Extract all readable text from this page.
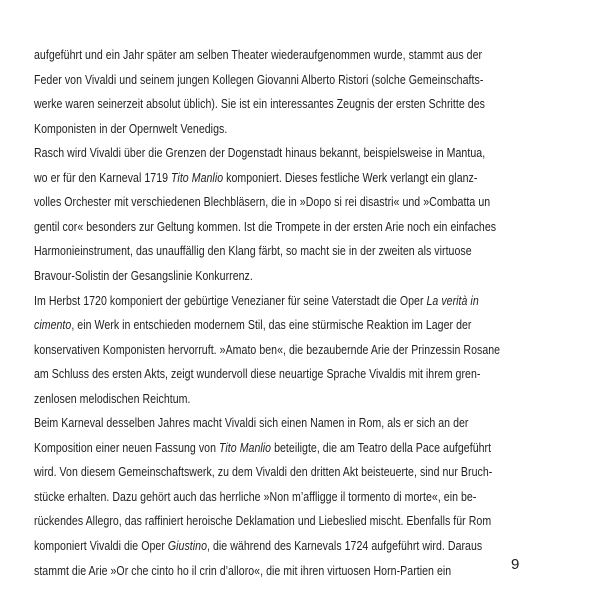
aufgeführt und ein Jahr später am selben Theater wiederaufgenommen wurde, stammt aus der
Feder von Vivaldi und seinem jungen Kollegen Giovanni Alberto Ristori (solche Gemeinschafts-
werke waren seinerzeit absolut üblich). Sie ist ein interessantes Zeugnis der ersten Schritte des
Komponisten in der Opernwelt Venedigs.
Rasch wird Vivaldi über die Grenzen der Dogenstadt hinaus bekannt, beispielsweise in Mantua,
wo er für den Karneval 1719 Tito Manlio komponiert. Dieses festliche Werk verlangt ein glanz-
volles Orchester mit verschiedenen Blechbläsern, die in »Dopo si rei disastri« und »Combatta un
gentil cor« besonders zur Geltung kommen. Ist die Trompete in der ersten Arie noch ein einfaches
Harmonieinstrument, das unauffällig den Klang färbt, so macht sie in der zweiten als virtuose
Bravour-Solistin der Gesangslinie Konkurrenz.
Im Herbst 1720 komponiert der gebürtige Venezianer für seine Vaterstadt die Oper La verità in
cimento, ein Werk in entschieden modernem Stil, das eine stürmische Reaktion im Lager der
konservativen Komponisten hervorruft. »Amato ben«, die bezaubernde Arie der Prinzessin Rosane
am Schluss des ersten Akts, zeigt wundervoll diese neuartige Sprache Vivaldis mit ihrem gren-
zenlosen melodischen Reichtum.
Beim Karneval desselben Jahres macht Vivaldi sich einen Namen in Rom, als er sich an der
Komposition einer neuen Fassung von Tito Manlio beteiligte, die am Teatro della Pace aufgeführt
wird. Von diesem Gemeinschaftswerk, zu dem Vivaldi den dritten Akt beisteuerte, sind nur Bruch-
stücke erhalten. Dazu gehört auch das herrliche »Non m’affligge il tormento di morte«, ein be-
rückendes Allegro, das raffiniert heroische Deklamation und Liebeslied mischt. Ebenfalls für Rom
komponiert Vivaldi die Oper Giustino, die während des Karnevals 1724 aufgeführt wird. Daraus
stammt die Arie »Or che cinto ho il crin d’alloro«, die mit ihren virtuosen Horn-Partien ein	9
